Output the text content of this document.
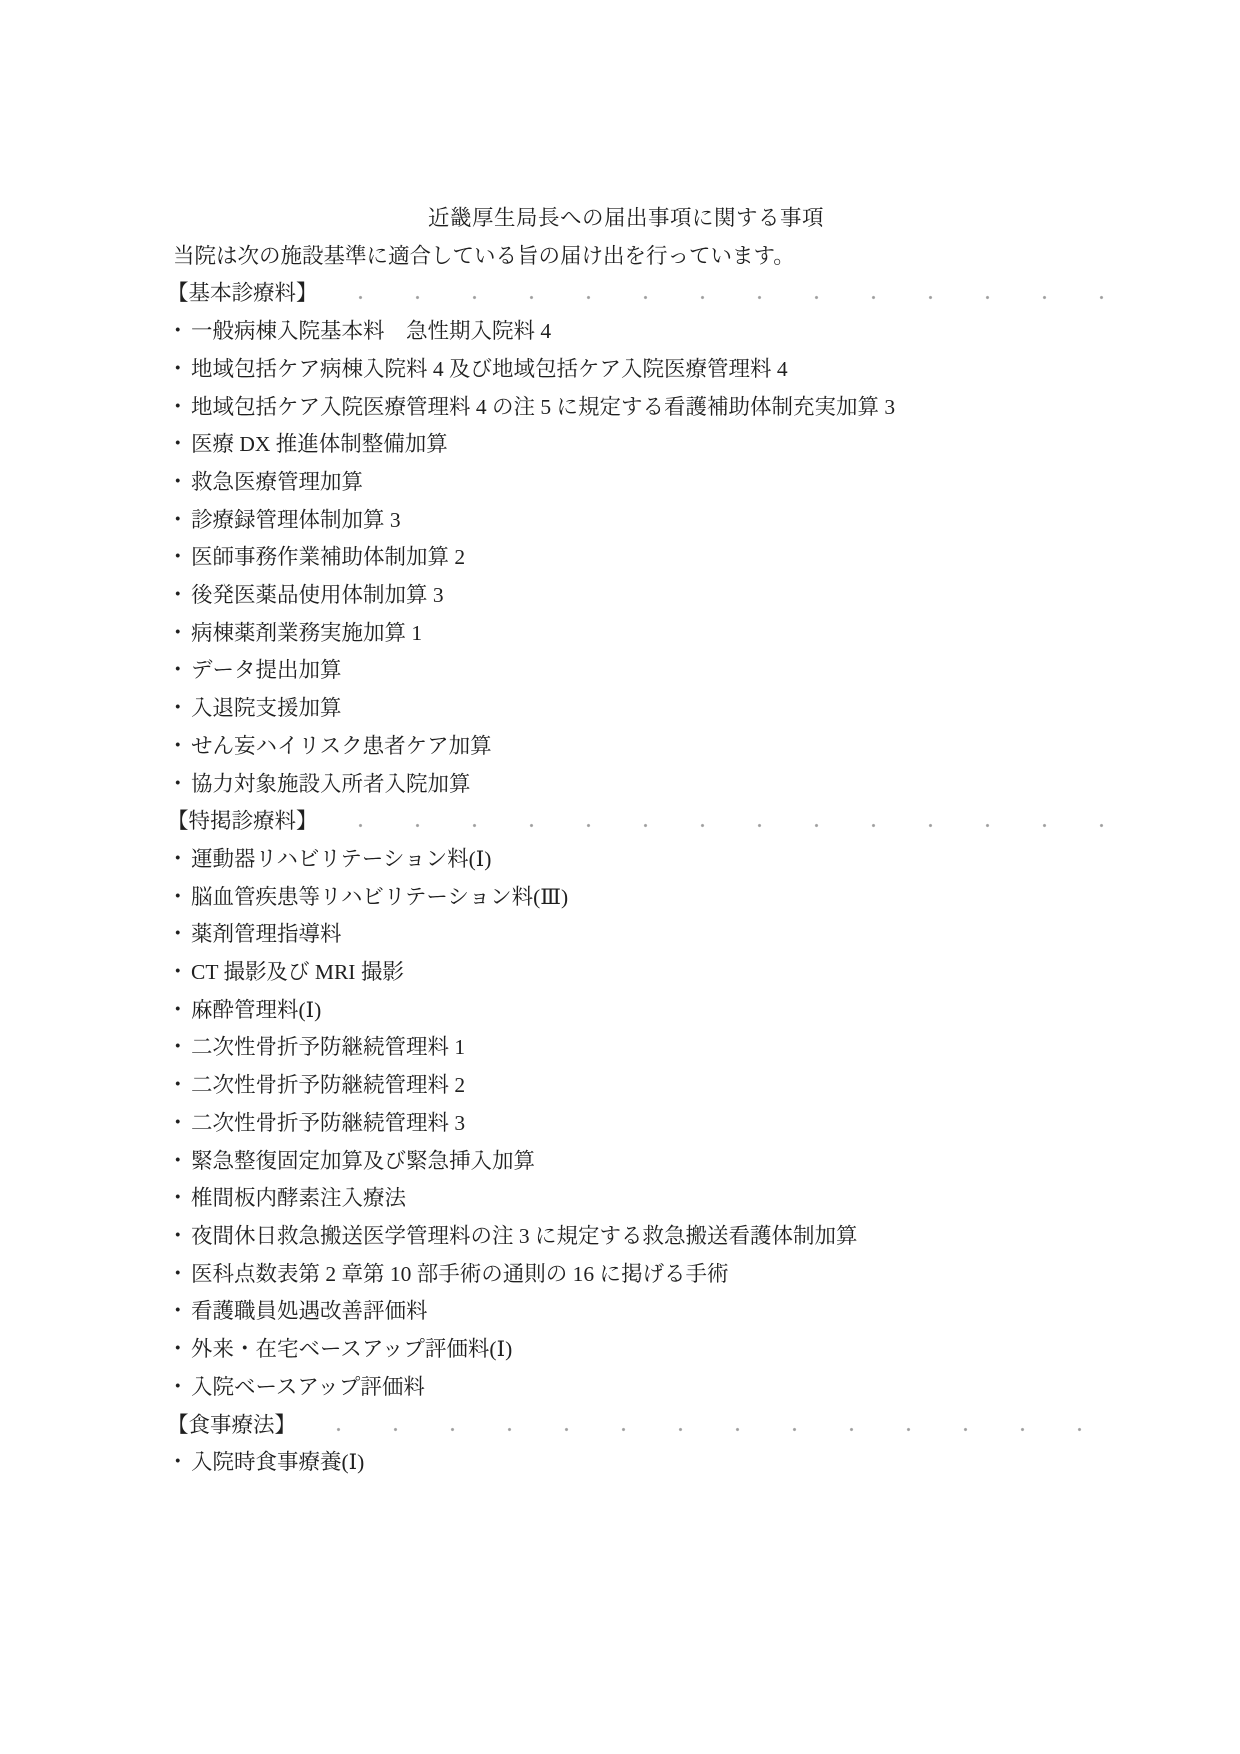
近畿厚生局長への届出事項に関する事項
当院は次の施設基準に適合している旨の届け出を行っています。
【基本診療料】
・ 一般病棟入院基本料　急性期入院料 4
・ 地域包括ケア病棟入院料 4 及び地域包括ケア入院医療管理料 4
・ 地域包括ケア入院医療管理料 4 の注 5 に規定する看護補助体制充実加算 3
・ 医療 DX 推進体制整備加算
・ 救急医療管理加算
・ 診療録管理体制加算 3
・ 医師事務作業補助体制加算 2
・ 後発医薬品使用体制加算 3
・ 病棟薬剤業務実施加算 1
・ データ提出加算
・ 入退院支援加算
・ せん妄ハイリスク患者ケア加算
・ 協力対象施設入所者入院加算
【特掲診療料】
・ 運動器リハビリテーション料(Ⅰ)
・ 脳血管疾患等リハビリテーション料(Ⅲ)
・ 薬剤管理指導料
・ CT 撮影及び MRI 撮影
・ 麻酔管理料(Ⅰ)
・ 二次性骨折予防継続管理料 1
・ 二次性骨折予防継続管理料 2
・ 二次性骨折予防継続管理料 3
・ 緊急整復固定加算及び緊急挿入加算
・ 椎間板内酵素注入療法
・ 夜間休日救急搬送医学管理料の注 3 に規定する救急搬送看護体制加算
・ 医科点数表第 2 章第 10 部手術の通則の 16 に掲げる手術
・ 看護職員処遇改善評価料
・ 外来・在宅ベースアップ評価料(Ⅰ)
・ 入院ベースアップ評価料
【食事療法】
・ 入院時食事療養(Ⅰ)
